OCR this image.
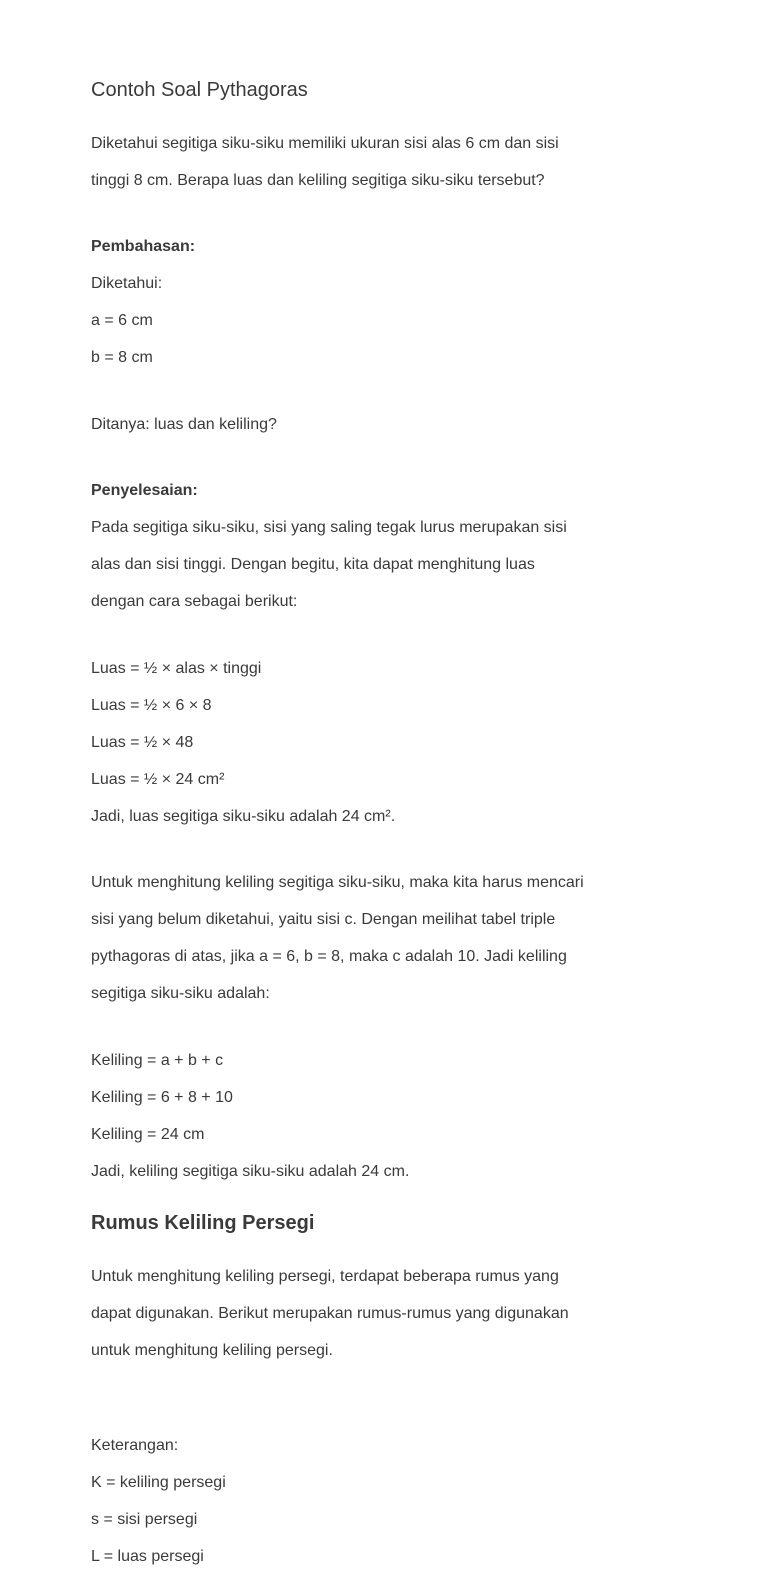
Contoh Soal Pythagoras

Diketahui segitiga siku-siku memiliki ukuran sisi alas 6 cm dan sisi

tinggi 8 cm. Berapa luas dan keliling segitiga siku-siku tersebut?

Pembahasan:

Diketahui:

a = 6 cm

b = 8 cm

Ditanya: luas dan keliling?

Penyelesaian:

Pada segitiga siku-siku, sisi yang saling tegak lurus merupakan sisi

alas dan sisi tinggi. Dengan begitu, kita dapat menghitung luas

dengan cara sebagai berikut:

Luas = ½ × alas × tinggi

Luas = ½ × 6 × 8

Luas = ½ × 48

Luas = ½ × 24 cm²

Jadi, luas segitiga siku-siku adalah 24 cm².

Untuk menghitung keliling segitiga siku-siku, maka kita harus mencari

sisi yang belum diketahui, yaitu sisi c. Dengan meilihat tabel triple

pythagoras di atas, jika a = 6, b = 8, maka c adalah 10. Jadi keliling

segitiga siku-siku adalah:

Keliling = a + b + c

Keliling = 6 + 8 + 10

Keliling = 24 cm

Jadi, keliling segitiga siku-siku adalah 24 cm.

Rumus Keliling Persegi

Untuk menghitung keliling persegi, terdapat beberapa rumus yang

dapat digunakan. Berikut merupakan rumus-rumus yang digunakan

untuk menghitung keliling persegi.

Keterangan:

K = keliling persegi

s = sisi persegi

L = luas persegi
